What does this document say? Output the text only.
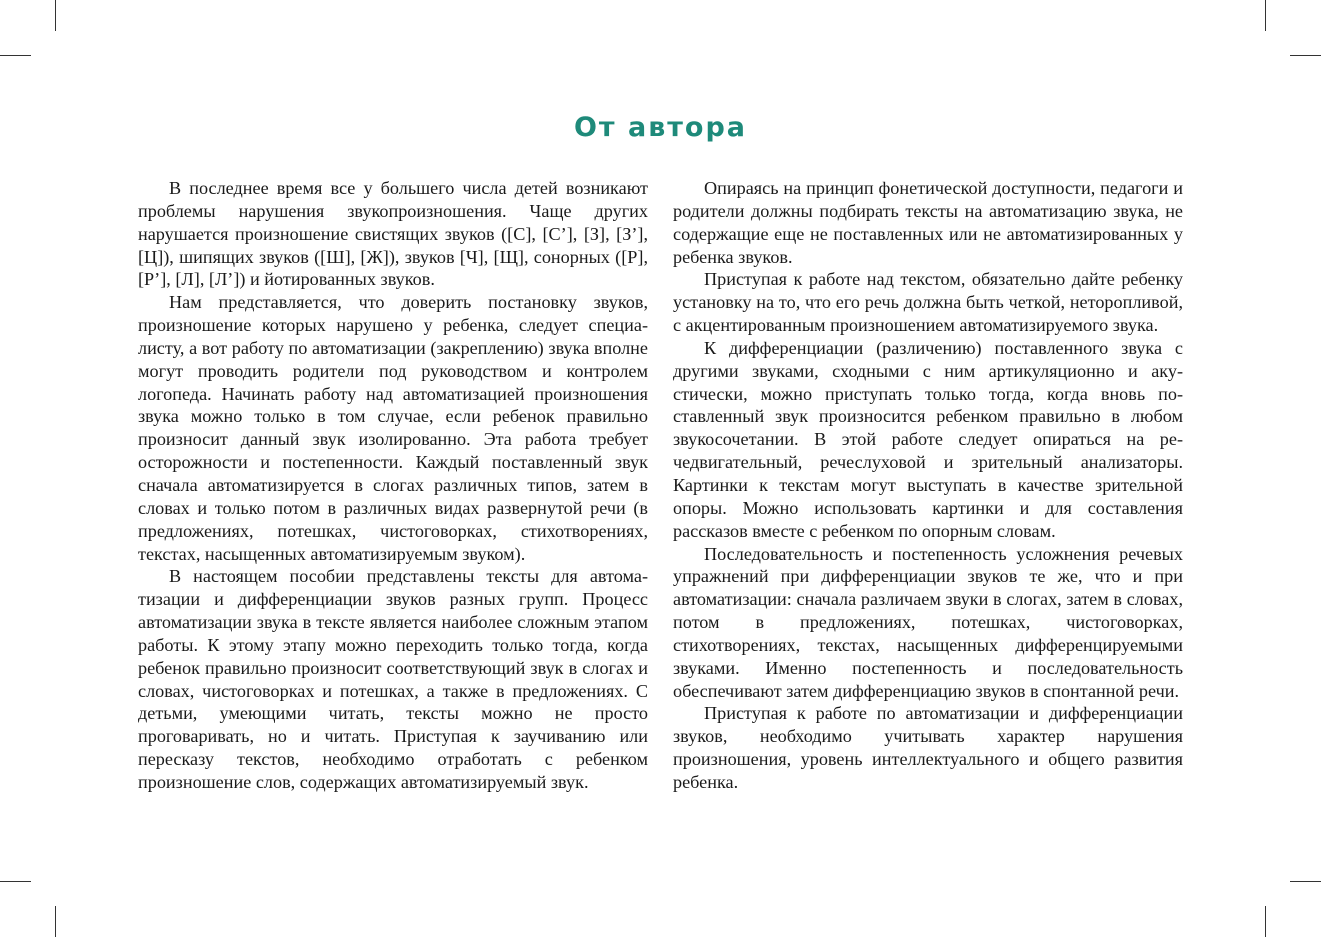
От автора

В последнее время все у большего числа детей возникают проблемы нарушения звукопроизношения. Чаще других нарушается произношение свистящих звуков ([С], [С’], [З], [З’], [Ц]), шипящих звуков ([Ш], [Ж]), звуков [Ч], [Щ], сонорных ([Р], [Р’], [Л], [Л’]) и йотированных звуков.

Нам представляется, что доверить постановку звуков, произношение которых нарушено у ребенка, следует специалисту, а вот работу по автоматизации (закреплению) звука вполне могут проводить родители под руководством и контролем логопеда. Начинать работу над автоматизацией произношения звука можно только в том случае, если ребенок правильно произносит данный звук изолированно. Эта работа требует осторожности и постепенности. Каждый поставленный звук сначала автоматизируется в слогах различных типов, затем в словах и только потом в различных видах развернутой речи (в предложениях, потешках, чистоговорках, стихотворениях, текстах, насыщенных автоматизируемым звуком).

В настоящем пособии представлены тексты для автоматизации и дифференциации звуков разных групп. Процесс автоматизации звука в тексте является наиболее сложным этапом работы. К этому этапу можно переходить только тогда, когда ребенок правильно произносит соответствующий звук в слогах и словах, чистоговорках и потешках, а также в предложениях. С детьми, умеющими читать, тексты можно не просто проговаривать, но и читать. Приступая к заучиванию или пересказу текстов, необходимо отработать с ребенком произношение слов, содержащих автоматизируемый звук.

Опираясь на принцип фонетической доступности, педагоги и родители должны подбирать тексты на автоматизацию звука, не содержащие еще не поставленных или не автоматизированных у ребенка звуков.

Приступая к работе над текстом, обязательно дайте ребенку установку на то, что его речь должна быть четкой, неторопливой, с акцентированным произношением автоматизируемого звука.

К дифференциации (различению) поставленного звука с другими звуками, сходными с ним артикуляционно и акустически, можно приступать только тогда, когда вновь поставленный звук произносится ребенком правильно в любом звукосочетании. В этой работе следует опираться на речедвигательный, речеслуховой и зрительный анализаторы. Картинки к текстам могут выступать в качестве зрительной опоры. Можно использовать картинки и для составления рассказов вместе с ребенком по опорным словам.

Последовательность и постепенность усложнения речевых упражнений при дифференциации звуков те же, что и при автоматизации: сначала различаем звуки в слогах, затем в словах, потом в предложениях, потешках, чистоговорках, стихотворениях, текстах, насыщенных дифференцируемыми звуками. Именно постепенность и последовательность обеспечивают затем дифференциацию звуков в спонтанной речи.

Приступая к работе по автоматизации и дифференциации звуков, необходимо учитывать характер нарушения произношения, уровень интеллектуального и общего развития ребенка.
